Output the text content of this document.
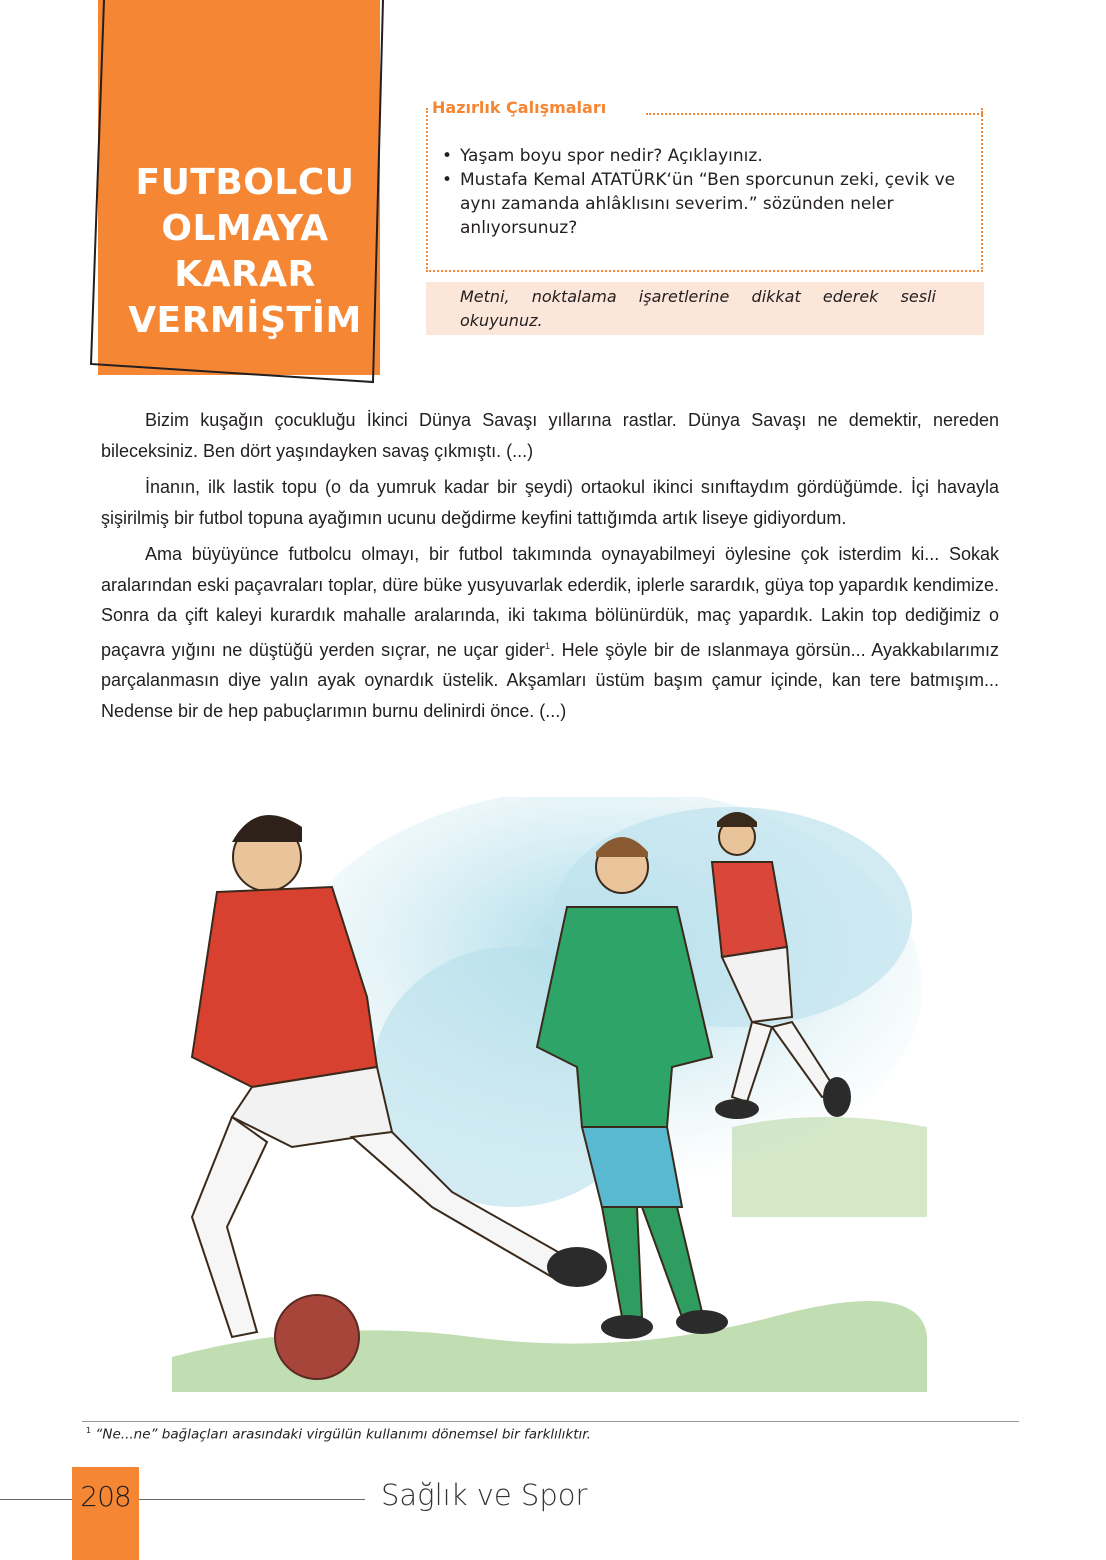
FUTBOLCU
OLMAYA
KARAR
VERMİŞTİM
Hazırlık Çalışmaları
• Yaşam boyu spor nedir? Açıklayınız.
• Mustafa Kemal ATATÜRK‘ün “Ben sporcunun zeki, çevik ve aynı zamanda ahlâklısını severim.” sözünden neler anlıyorsunuz?
Metni, noktalama işaretlerine dikkat ederek sesli okuyunuz.

Bizim kuşağın çocukluğu İkinci Dünya Savaşı yıllarına rastlar. Dünya Savaşı ne demektir, nereden bileceksiniz. Ben dört yaşındayken savaş çıkmıştı. (...)

İnanın, ilk lastik topu (o da yumruk kadar bir şeydi) ortaokul ikinci sınıftaydım gördüğümde. İçi havayla şişirilmiş bir futbol topuna ayağımın ucunu değdirme keyfini tattığımda artık liseye gidiyordum.

Ama büyüyünce futbolcu olmayı, bir futbol takımında oynayabilmeyi öylesine çok isterdim ki... Sokak aralarından eski paçavraları toplar, düre büke yusyuvarlak ederdik, iplerle sarardık, güya top yapardık kendimize. Sonra da çift kaleyi kurardık mahalle aralarında, iki takıma bölünürdük, maç yapardık. Lakin top dediğimiz o paçavra yığını ne düştüğü yerden sıçrar, ne uçar gider$^1$. Hele şöyle bir de ıslanmaya görsün... Ayakkabılarımız parçalanmasın diye yalın ayak oynardık üstelik. Akşamları üstüm başım çamur içinde, kan tere batmışım... Nedense bir de hep pabuçlarımın burnu delinirdi önce. (...)

$^1$ “Ne...ne” bağlaçları arasındaki virgülün kullanımı dönemsel bir farklılıktır.
208	Sağlık ve Spor
